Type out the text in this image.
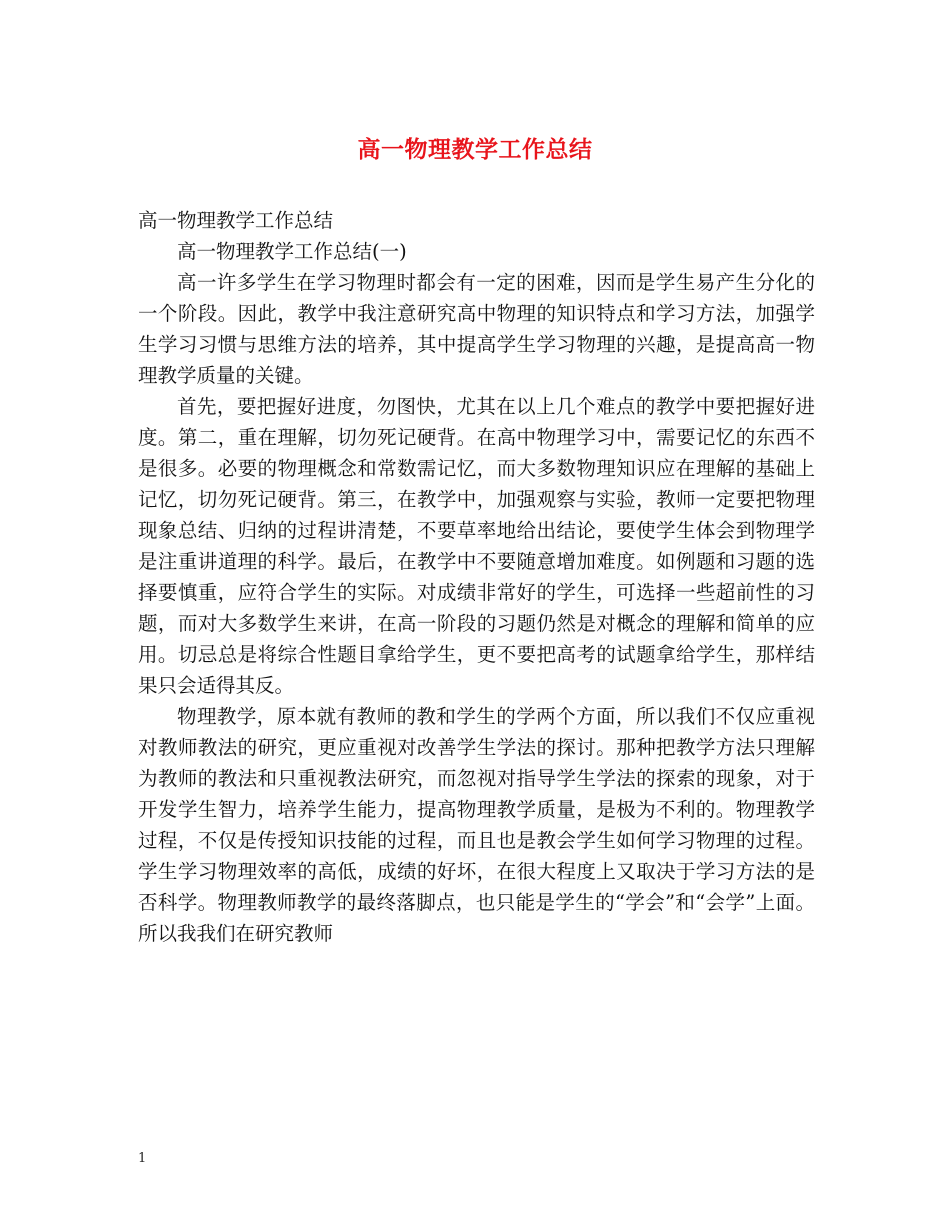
高一物理教学工作总结

高一物理教学工作总结

高一物理教学工作总结(一)

高一许多学生在学习物理时都会有一定的困难，因而是学生易产生分化的一个阶段。因此，教学中我注意研究高中物理的知识特点和学习方法，加强学生学习习惯与思维方法的培养，其中提高学生学习物理的兴趣，是提高高一物理教学质量的关键。

首先，要把握好进度，勿图快，尤其在以上几个难点的教学中要把握好进度。第二，重在理解，切勿死记硬背。在高中物理学习中，需要记忆的东西不是很多。必要的物理概念和常数需记忆，而大多数物理知识应在理解的基础上记忆，切勿死记硬背。第三，在教学中，加强观察与实验，教师一定要把物理现象总结、归纳的过程讲清楚，不要草率地给出结论，要使学生体会到物理学是注重讲道理的科学。最后，在教学中不要随意增加难度。如例题和习题的选择要慎重，应符合学生的实际。对成绩非常好的学生，可选择一些超前性的习题，而对大多数学生来讲，在高一阶段的习题仍然是对概念的理解和简单的应用。切忌总是将综合性题目拿给学生，更不要把高考的试题拿给学生，那样结果只会适得其反。

物理教学，原本就有教师的教和学生的学两个方面，所以我们不仅应重视对教师教法的研究，更应重视对改善学生学法的探讨。那种把教学方法只理解为教师的教法和只重视教法研究，而忽视对指导学生学法的探索的现象，对于开发学生智力，培养学生能力，提高物理教学质量，是极为不利的。物理教学过程，不仅是传授知识技能的过程，而且也是教会学生如何学习物理的过程。学生学习物理效率的高低，成绩的好坏，在很大程度上又取决于学习方法的是否科学。物理教师教学的最终落脚点，也只能是学生的“学会”和“会学”上面。所以我我们在研究教师

1
